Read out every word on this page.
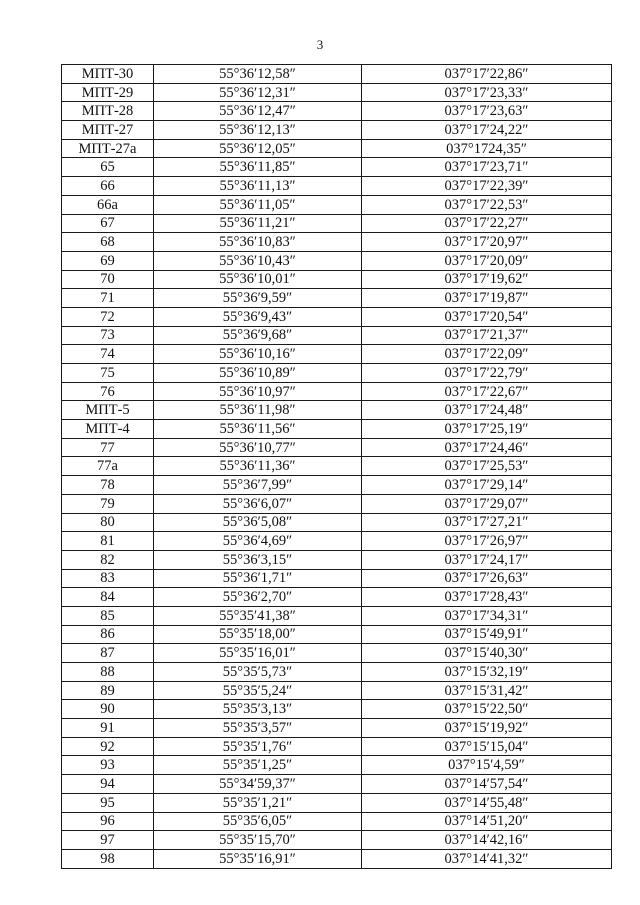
3
МПТ-30	55°36′12,58″	037°17′22,86″
МПТ-29	55°36′12,31″	037°17′23,33″
МПТ-28	55°36′12,47″	037°17′23,63″
МПТ-27	55°36′12,13″	037°17′24,22″
МПТ-27а	55°36′12,05″	037°1724,35″
65	55°36′11,85″	037°17′23,71″
66	55°36′11,13″	037°17′22,39″
66а	55°36′11,05″	037°17′22,53″
67	55°36′11,21″	037°17′22,27″
68	55°36′10,83″	037°17′20,97″
69	55°36′10,43″	037°17′20,09″
70	55°36′10,01″	037°17′19,62″
71	55°36′9,59″	037°17′19,87″
72	55°36′9,43″	037°17′20,54″
73	55°36′9,68″	037°17′21,37″
74	55°36′10,16″	037°17′22,09″
75	55°36′10,89″	037°17′22,79″
76	55°36′10,97″	037°17′22,67″
МПТ-5	55°36′11,98″	037°17′24,48″
МПТ-4	55°36′11,56″	037°17′25,19″
77	55°36′10,77″	037°17′24,46″
77а	55°36′11,36″	037°17′25,53″
78	55°36′7,99″	037°17′29,14″
79	55°36′6,07″	037°17′29,07″
80	55°36′5,08″	037°17′27,21″
81	55°36′4,69″	037°17′26,97″
82	55°36′3,15″	037°17′24,17″
83	55°36′1,71″	037°17′26,63″
84	55°36′2,70″	037°17′28,43″
85	55°35′41,38″	037°17′34,31″
86	55°35′18,00″	037°15′49,91″
87	55°35′16,01″	037°15′40,30″
88	55°35′5,73″	037°15′32,19″
89	55°35′5,24″	037°15′31,42″
90	55°35′3,13″	037°15′22,50″
91	55°35′3,57″	037°15′19,92″
92	55°35′1,76″	037°15′15,04″
93	55°35′1,25″	037°15′4,59″
94	55°34′59,37″	037°14′57,54″
95	55°35′1,21″	037°14′55,48″
96	55°35′6,05″	037°14′51,20″
97	55°35′15,70″	037°14′42,16″
98	55°35′16,91″	037°14′41,32″
